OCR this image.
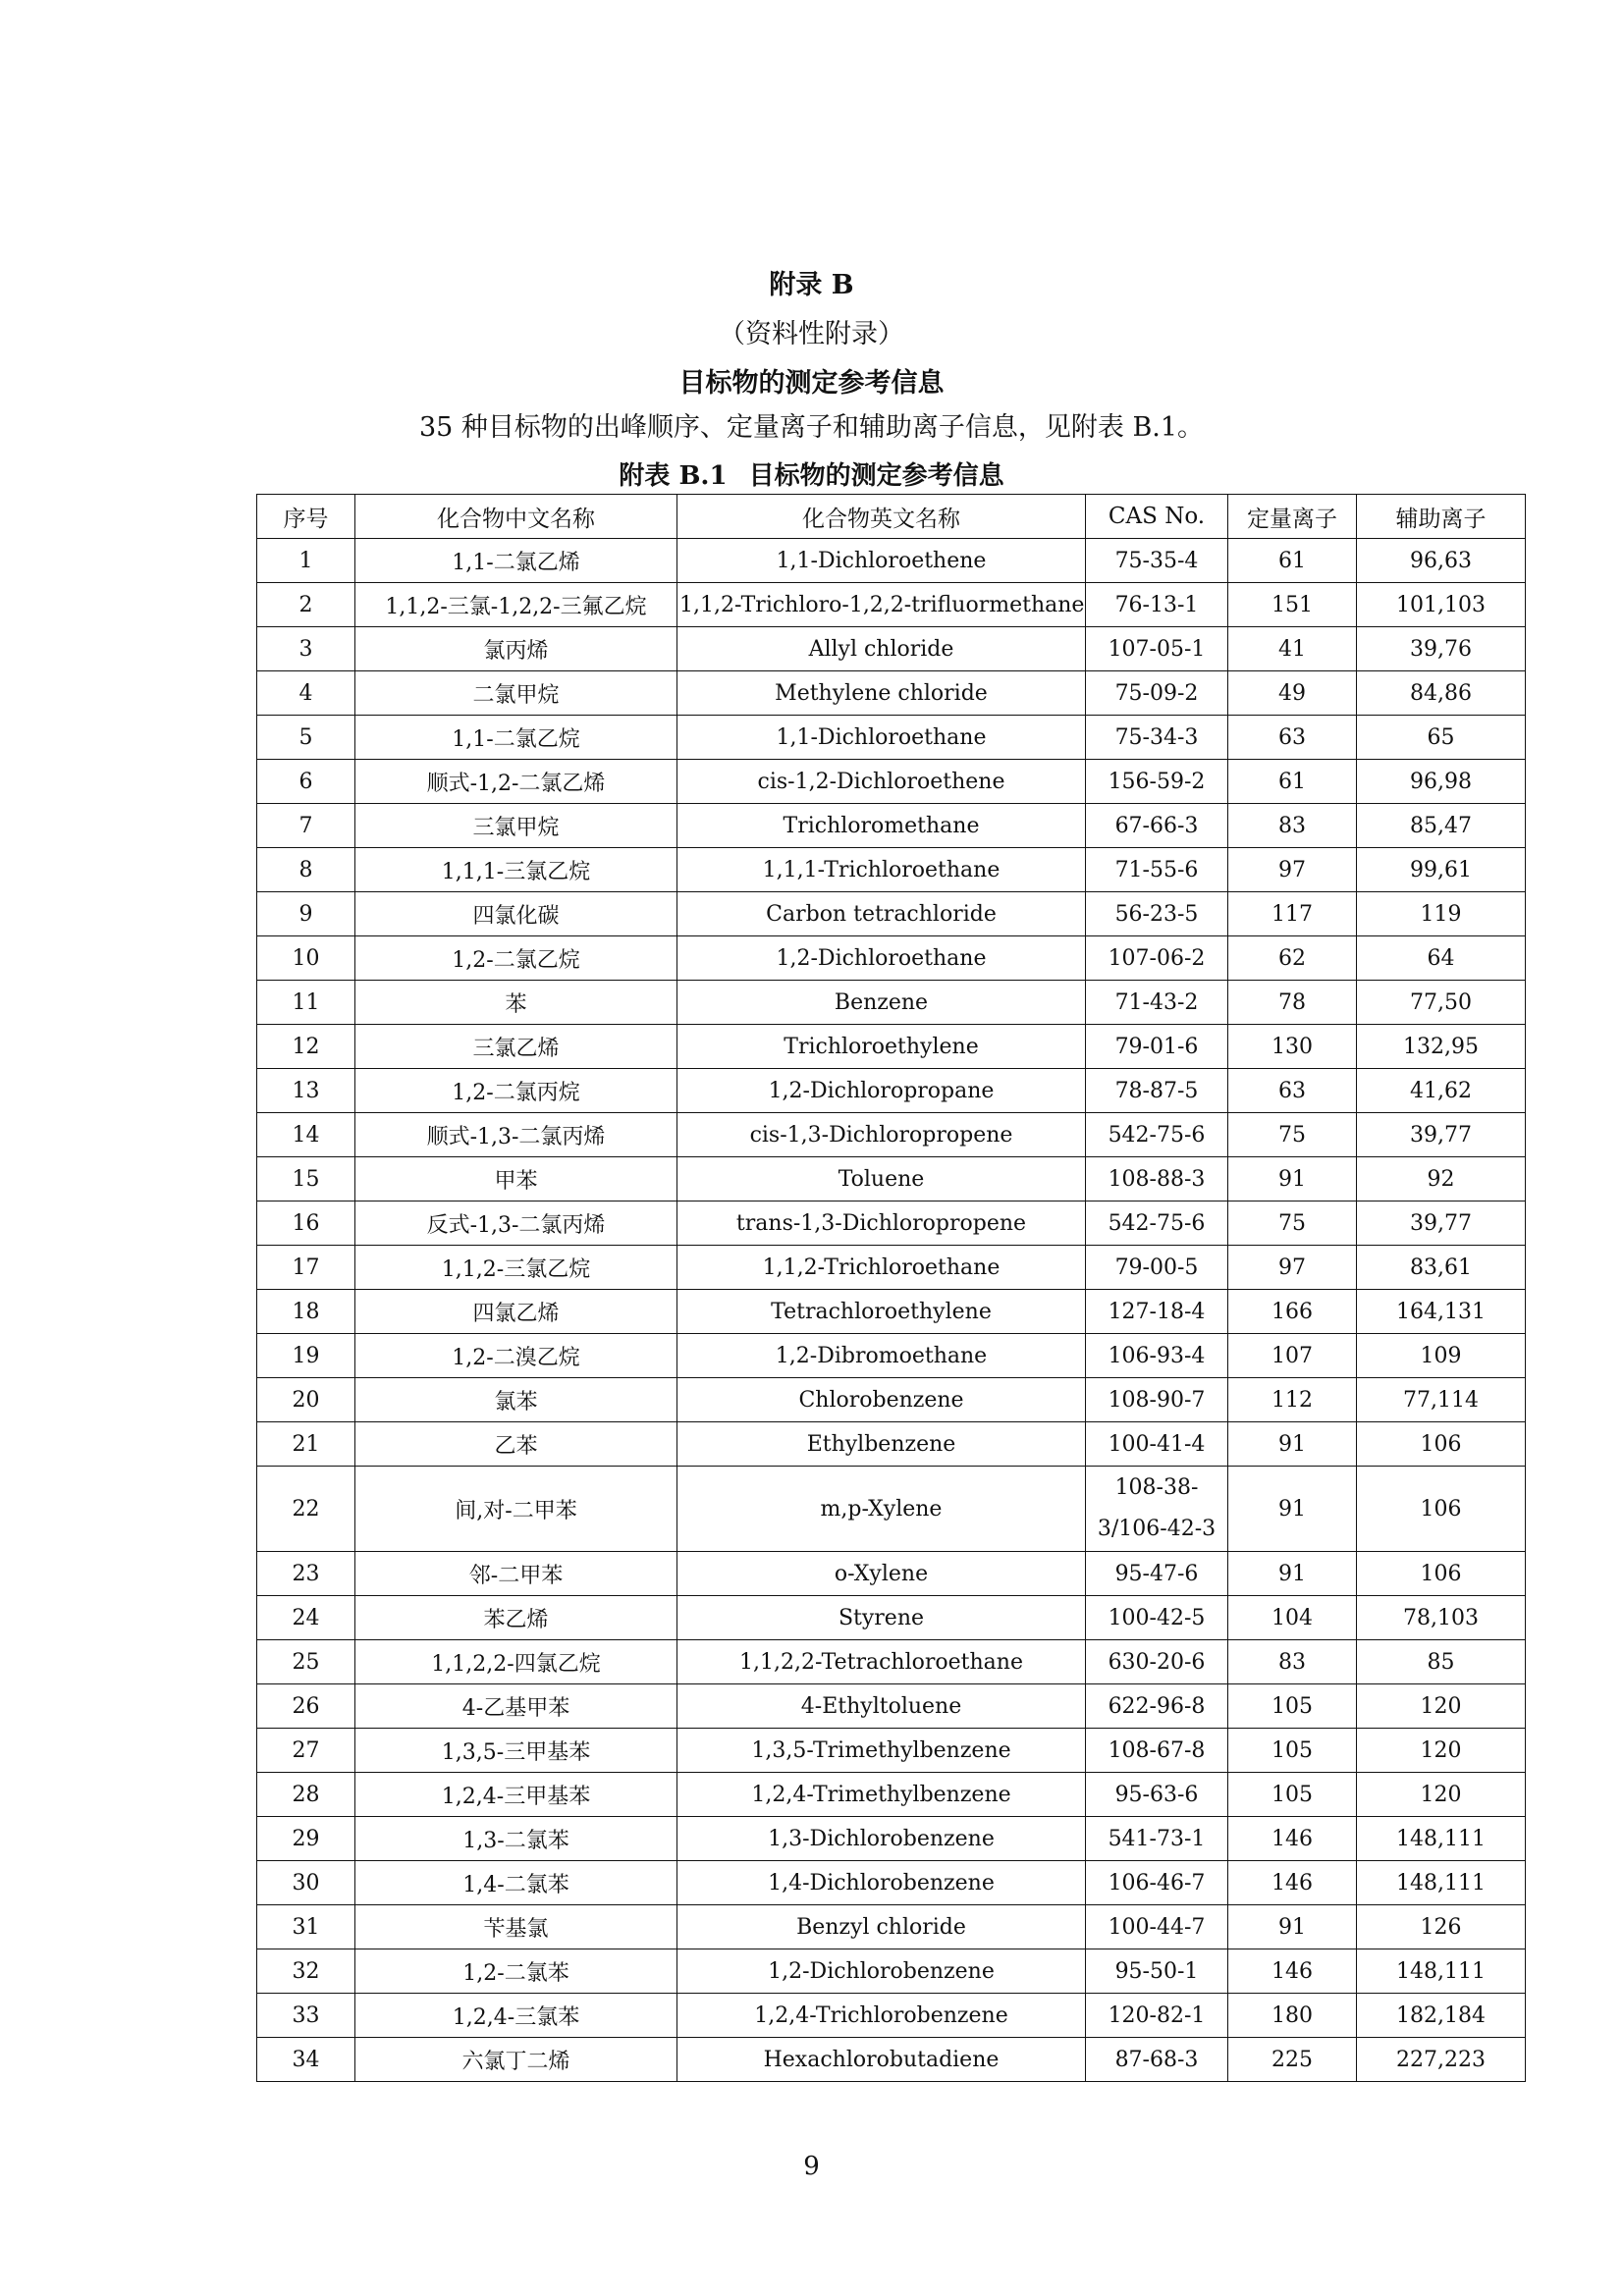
附录 B
（资料性附录）
目标物的测定参考信息
35 种目标物的出峰顺序、定量离子和辅助离子信息，见附表 B.1。
附表 B.1 目标物的测定参考信息
序号	化合物中文名称	化合物英文名称	CAS No.	定量离子	辅助离子
1	1,1-二氯乙烯	1,1-Dichloroethene	75-35-4	61	96,63
2	1,1,2-三氯-1,2,2-三氟乙烷	1,1,2-Trichloro-1,2,2-trifluormethane	76-13-1	151	101,103
3	氯丙烯	Allyl chloride	107-05-1	41	39,76
4	二氯甲烷	Methylene chloride	75-09-2	49	84,86
5	1,1-二氯乙烷	1,1-Dichloroethane	75-34-3	63	65
6	顺式-1,2-二氯乙烯	cis-1,2-Dichloroethene	156-59-2	61	96,98
7	三氯甲烷	Trichloromethane	67-66-3	83	85,47
8	1,1,1-三氯乙烷	1,1,1-Trichloroethane	71-55-6	97	99,61
9	四氯化碳	Carbon tetrachloride	56-23-5	117	119
10	1,2-二氯乙烷	1,2-Dichloroethane	107-06-2	62	64
11	苯	Benzene	71-43-2	78	77,50
12	三氯乙烯	Trichloroethylene	79-01-6	130	132,95
13	1,2-二氯丙烷	1,2-Dichloropropane	78-87-5	63	41,62
14	顺式-1,3-二氯丙烯	cis-1,3-Dichloropropene	542-75-6	75	39,77
15	甲苯	Toluene	108-88-3	91	92
16	反式-1,3-二氯丙烯	trans-1,3-Dichloropropene	542-75-6	75	39,77
17	1,1,2-三氯乙烷	1,1,2-Trichloroethane	79-00-5	97	83,61
18	四氯乙烯	Tetrachloroethylene	127-18-4	166	164,131
19	1,2-二溴乙烷	1,2-Dibromoethane	106-93-4	107	109
20	氯苯	Chlorobenzene	108-90-7	112	77,114
21	乙苯	Ethylbenzene	100-41-4	91	106
22	间,对-二甲苯	m,p-Xylene	108-38-3/106-42-3	91	106
23	邻-二甲苯	o-Xylene	95-47-6	91	106
24	苯乙烯	Styrene	100-42-5	104	78,103
25	1,1,2,2-四氯乙烷	1,1,2,2-Tetrachloroethane	630-20-6	83	85
26	4-乙基甲苯	4-Ethyltoluene	622-96-8	105	120
27	1,3,5-三甲基苯	1,3,5-Trimethylbenzene	108-67-8	105	120
28	1,2,4-三甲基苯	1,2,4-Trimethylbenzene	95-63-6	105	120
29	1,3-二氯苯	1,3-Dichlorobenzene	541-73-1	146	148,111
30	1,4-二氯苯	1,4-Dichlorobenzene	106-46-7	146	148,111
31	苄基氯	Benzyl chloride	100-44-7	91	126
32	1,2-二氯苯	1,2-Dichlorobenzene	95-50-1	146	148,111
33	1,2,4-三氯苯	1,2,4-Trichlorobenzene	120-82-1	180	182,184
34	六氯丁二烯	Hexachlorobutadiene	87-68-3	225	227,223
9
